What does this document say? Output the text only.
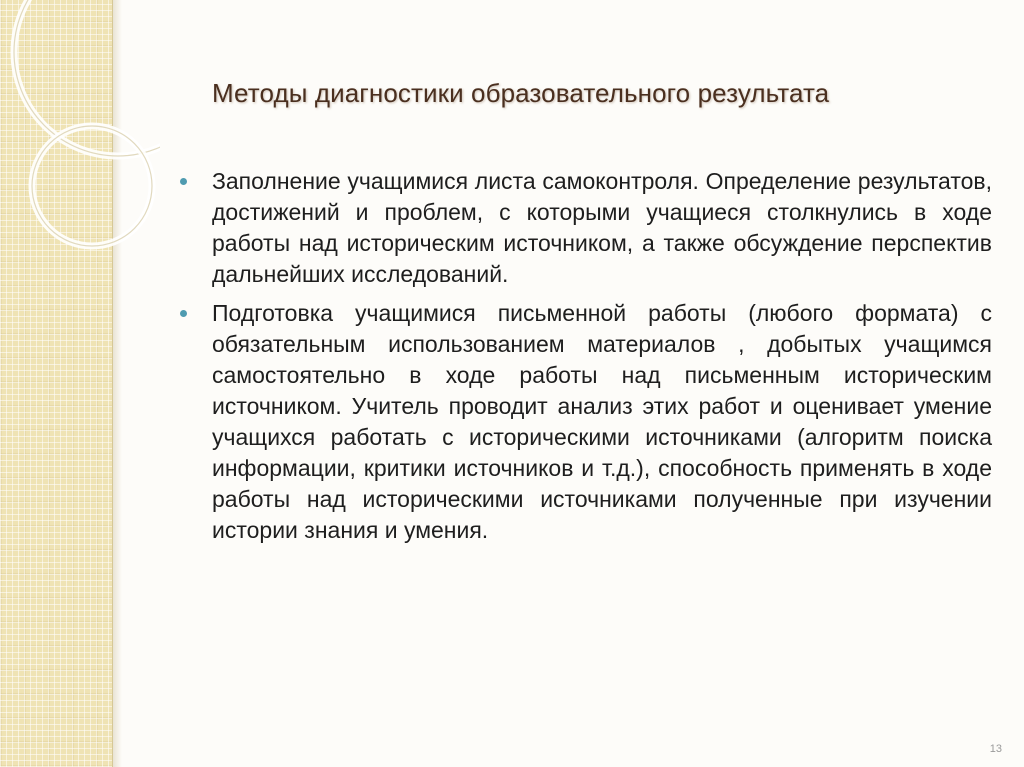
Методы диагностики образовательного результата
Заполнение учащимися листа самоконтроля. Определение результатов, достижений и проблем, с которыми учащиеся столкнулись в ходе работы над историческим источником, а также обсуждение перспектив дальнейших исследований.
Подготовка учащимися письменной работы (любого формата) с обязательным использованием материалов , добытых учащимся самостоятельно в ходе работы над письменным историческим источником. Учитель проводит анализ этих работ и оценивает умение учащихся работать с историческими источниками (алгоритм поиска информации, критики источников и т.д.), способность применять в ходе работы над историческими источниками полученные при изучении истории знания и умения.
13
